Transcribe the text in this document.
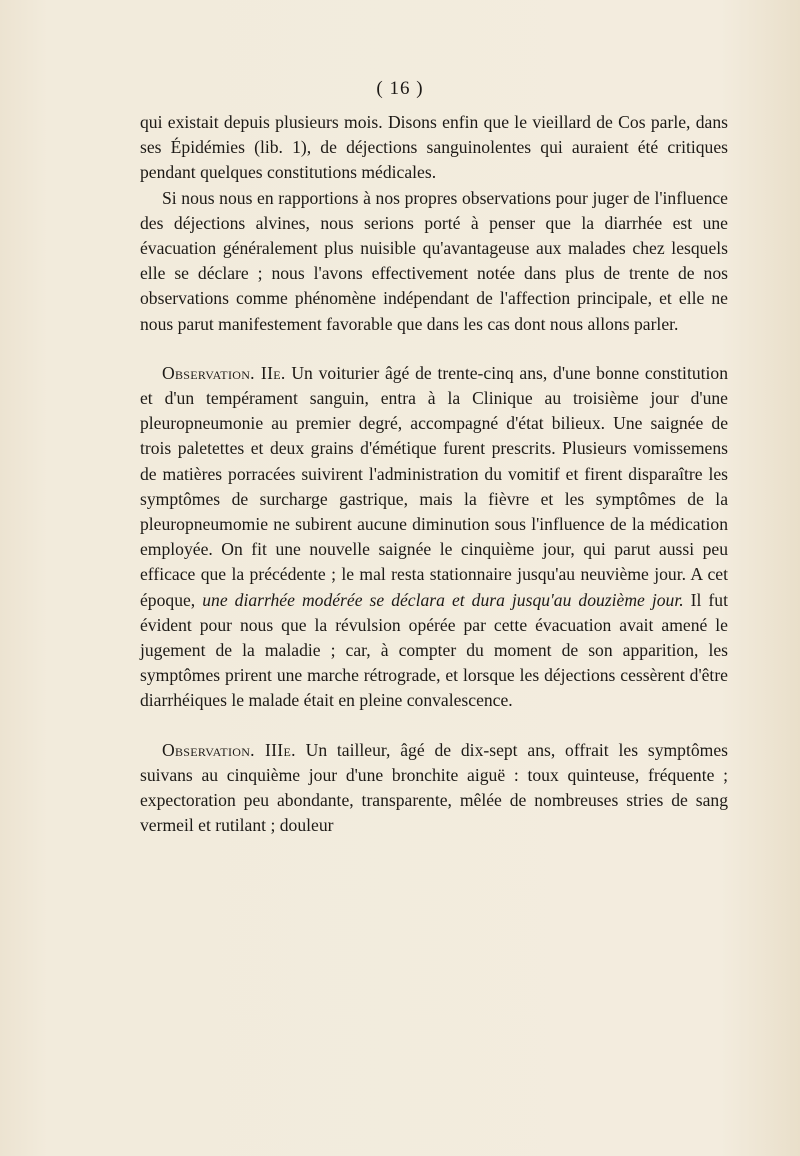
( 16 )

qui existait depuis plusieurs mois. Disons enfin que le vieillard de Cos parle, dans ses Épidémies (lib. 1), de déjections sanguinolentes qui auraient été critiques pendant quelques constitutions médicales.

Si nous nous en rapportions à nos propres observations pour juger de l'influence des déjections alvines, nous serions porté à penser que la diarrhée est une évacuation généralement plus nuisible qu'avantageuse aux malades chez lesquels elle se déclare ; nous l'avons effectivement notée dans plus de trente de nos observations comme phénomène indépendant de l'affection principale, et elle ne nous parut manifestement favorable que dans les cas dont nous allons parler.

Observation. IIe. Un voiturier âgé de trente-cinq ans, d'une bonne constitution et d'un tempérament sanguin, entra à la Clinique au troisième jour d'une pleuropneumonie au premier degré, accompagné d'état bilieux. Une saignée de trois paletettes et deux grains d'émétique furent prescrits. Plusieurs vomissemens de matières porracées suivirent l'administration du vomitif et firent disparaître les symptômes de surcharge gastrique, mais la fièvre et les symptômes de la pleuropneumomie ne subirent aucune diminution sous l'influence de la médication employée. On fit une nouvelle saignée le cinquième jour, qui parut aussi peu efficace que la précédente ; le mal resta stationnaire jusqu'au neuvième jour. A cet époque, une diarrhée modérée se déclara et dura jusqu'au douzième jour. Il fut évident pour nous que la révulsion opérée par cette évacuation avait amené le jugement de la maladie ; car, à compter du moment de son apparition, les symptômes prirent une marche rétrograde, et lorsque les déjections cessèrent d'être diarrhéiques le malade était en pleine convalescence.

Observation. IIIe. Un tailleur, âgé de dix-sept ans, offrait les symptômes suivans au cinquième jour d'une bronchite aiguë : toux quinteuse, fréquente ; expectoration peu abondante, transparente, mêlée de nombreuses stries de sang vermeil et rutilant ; douleur
